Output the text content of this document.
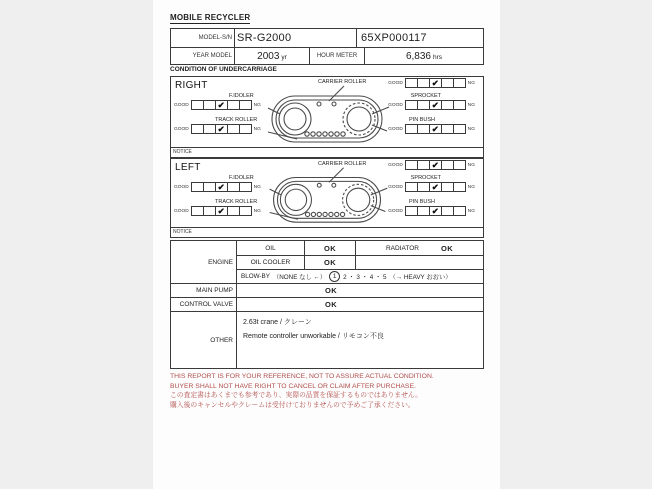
MOBILE RECYCLER
MODEL-S/N SR-G2000	65XP000117
YEAR MODEL	2003 yr	HOUR METER	6,836 hrs
CONDITION OF UNDERCARRIAGE
RIGHT	CARRIER ROLLER	GOOD	✔	NG
F.IDOLER
GOOD	✔	NG
TRACK ROLLER
GOOD	✔	NG
SPROCKET
GOOD	✔	NG
PIN BUSH
GOOD	✔	NG
NOTICE
LEFT	CARRIER ROLLER	GOOD	✔	NG
F.IDOLER
GOOD	✔	NG
TRACK ROLLER
GOOD	✔	NG
SPROCKET
GOOD	✔	NG
PIN BUSH
GOOD	✔	NG
NOTICE
ENGINE
OIL	OK	RADIATOR	OK
OIL COOLER	OK
BLOW-BY （NONE なし ←）	1	2 ・ 3 ・ 4 ・ 5 （→ HEAVY おおい）
MAIN PUMP	OK
CONTROL VALVE	OK
OTHER
2.63t crane / クレーン
Remote controller unworkable / リモコン不良
THIS REPORT IS FOR YOUR REFERENCE, NOT TO ASSURE ACTUAL CONDITION.
BUYER SHALL NOT HAVE RIGHT TO CANCEL OR CLAIM AFTER PURCHASE.
この査定書はあくまでも参考であり、実際の品質を保証するものではありません。
購入後のキャンセルやクレームは受付けておりませんので予めご了承ください。
